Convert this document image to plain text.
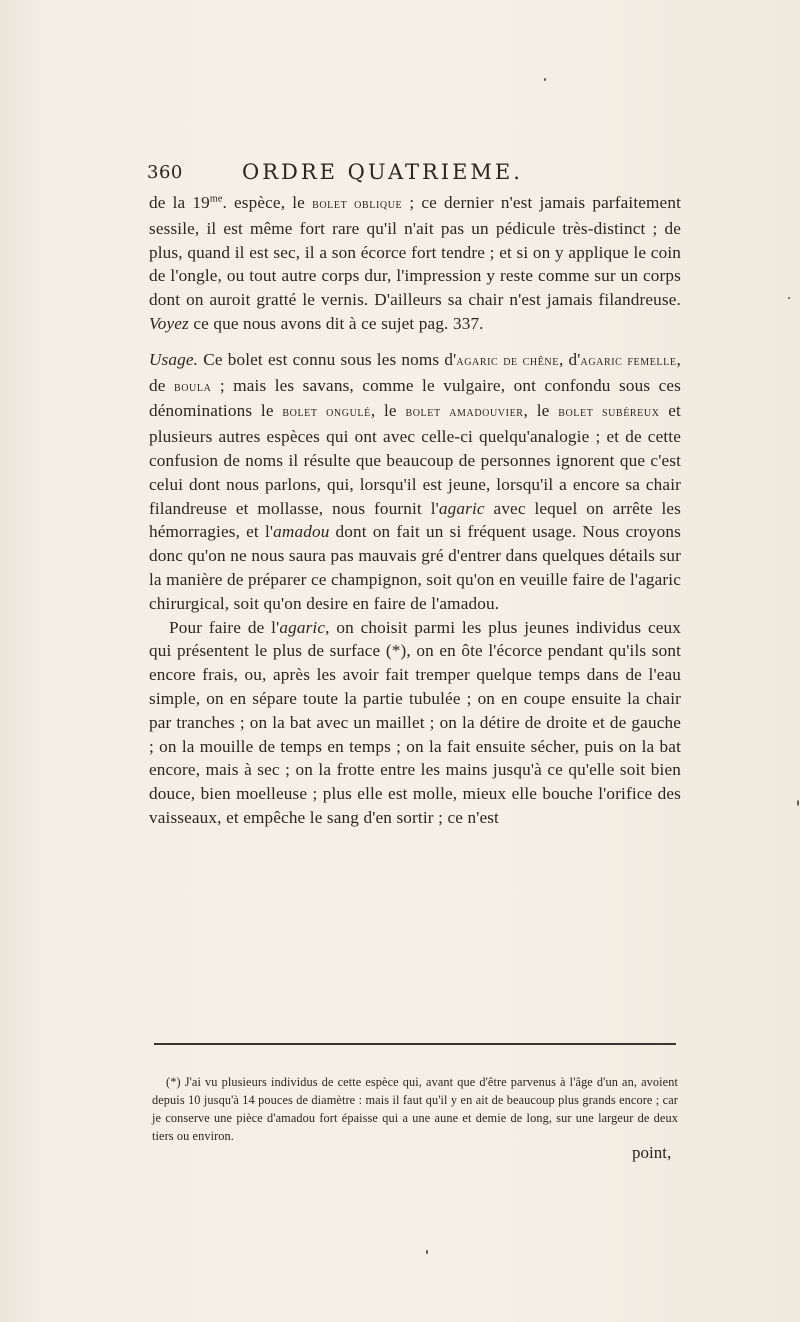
360	ORDRE QUATRIEME.

de la $19^{me}$. espèce, le bolet oblique ; ce dernier n'est jamais parfaitement sessile, il est même fort rare qu'il n'ait pas un pédicule très-distinct ; de plus, quand il est sec, il a son écorce fort tendre ; et si on y applique le coin de l'ongle, ou tout autre corps dur, l'impression y reste comme sur un corps dont on auroit gratté le vernis. D'ailleurs sa chair n'est jamais filandreuse. Voyez ce que nous avons dit à ce sujet pag. 337.

Usage. Ce bolet est connu sous les noms d'agaric de chêne, d'agaric femelle, de boula ; mais les savans, comme le vulgaire, ont confondu sous ces dénominations le bolet ongulé, le bolet amadouvier, le bolet subéreux et plusieurs autres espèces qui ont avec celle-ci quelqu'analogie ; et de cette confusion de noms il résulte que beaucoup de personnes ignorent que c'est celui dont nous parlons, qui, lorsqu'il est jeune, lorsqu'il a encore sa chair filandreuse et mollasse, nous fournit l'agaric avec lequel on arrête les hémorragies, et l'amadou dont on fait un si fréquent usage. Nous croyons donc qu'on ne nous saura pas mauvais gré d'entrer dans quelques détails sur la manière de préparer ce champignon, soit qu'on en veuille faire de l'agaric chirurgical, soit qu'on desire en faire de l'amadou.

Pour faire de l'agaric, on choisit parmi les plus jeunes individus ceux qui présentent le plus de surface (*), on en ôte l'écorce pendant qu'ils sont encore frais, ou, après les avoir fait tremper quelque temps dans de l'eau simple, on en sépare toute la partie tubulée ; on en coupe ensuite la chair par tranches ; on la bat avec un maillet ; on la détire de droite et de gauche ; on la mouille de temps en temps ; on la fait ensuite sécher, puis on la bat encore, mais à sec ; on la frotte entre les mains jusqu'à ce qu'elle soit bien douce, bien moelleuse ; plus elle est molle, mieux elle bouche l'orifice des vaisseaux, et empêche le sang d'en sortir ; ce n'est

(*) J'ai vu plusieurs individus de cette espèce qui, avant que d'être parvenus à l'âge d'un an, avoient depuis 10 jusqu'à 14 pouces de diamètre : mais il faut qu'il y en ait de beaucoup plus grands encore ; car je conserve une pièce d'amadou fort épaisse qui a une aune et demie de long, sur une largeur de deux tiers ou environ.

point,
